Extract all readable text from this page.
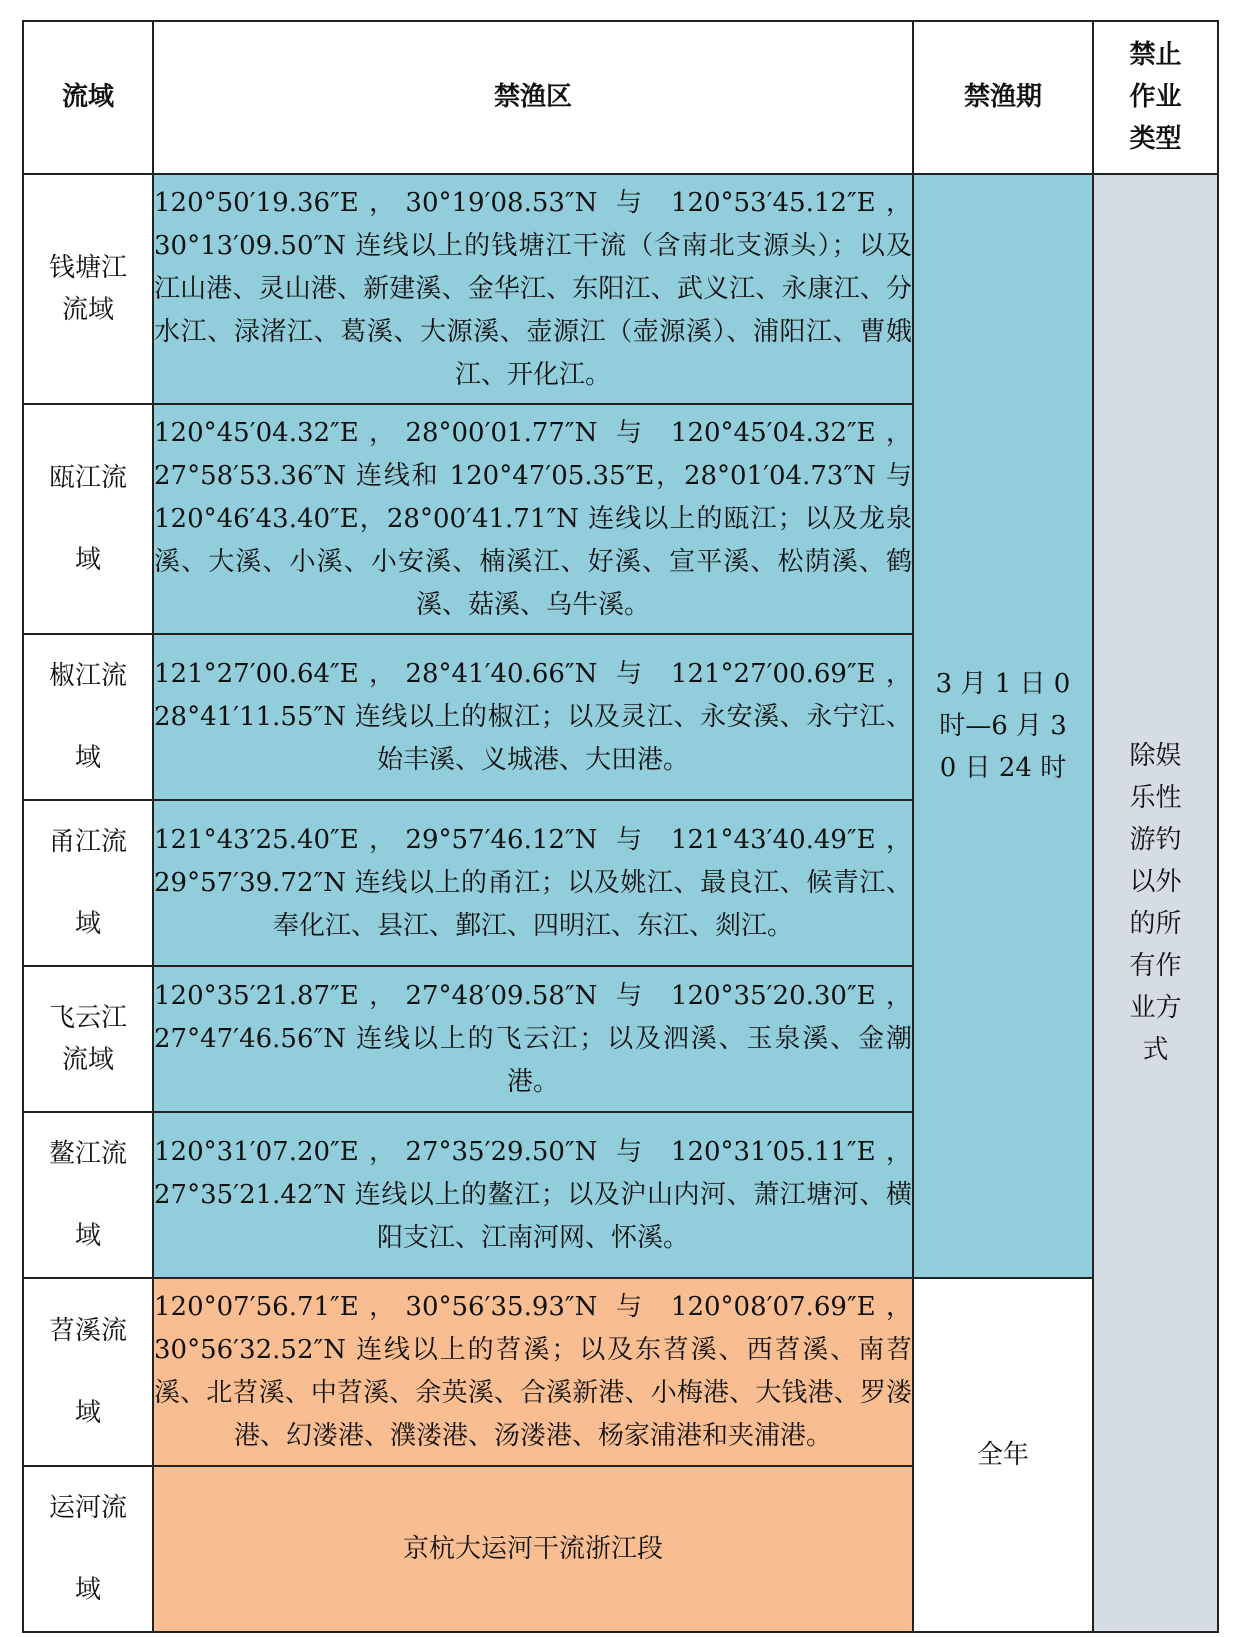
流域	禁渔区	禁渔期	禁止作业类型
钱塘江流域	120°50′19.36″E，30°19′08.53″N 与 120°53′45.12″E，30°13′09.50″N 连线以上的钱塘江干流（含南北支源头）；以及江山港、灵山港、新建溪、金华江、东阳江、武义江、永康江、分水江、渌渚江、葛溪、大源溪、壶源江（壶源溪）、浦阳江、曹娥江、开化江。	3 月 1 日 0 时—6 月 30 日 24 时	除娱乐性游钓以外的所有作业方式
瓯江流域	120°45′04.32″E，28°00′01.77″N 与 120°45′04.32″E，27°58′53.36″N 连线和 120°47′05.35″E，28°01′04.73″N 与 120°46′43.40″E，28°00′41.71″N 连线以上的瓯江；以及龙泉溪、大溪、小溪、小安溪、楠溪江、好溪、宣平溪、松荫溪、鹤溪、菇溪、乌牛溪。		

椒江流域	121°27′00.64″E，28°41′40.66″N 与 121°27′00.69″E，28°41′11.55″N 连线以上的椒江；以及灵江、永安溪、永宁江、始丰溪、义城港、大田港。		

甬江流域	121°43′25.40″E，29°57′46.12″N 与 121°43′40.49″E，29°57′39.72″N 连线以上的甬江；以及姚江、最良江、候青江、奉化江、县江、鄞江、四明江、东江、剡江。		

飞云江流域	120°35′21.87″E，27°48′09.58″N 与 120°35′20.30″E，27°47′46.56″N 连线以上的飞云江；以及泗溪、玉泉溪、金潮港。		

鳌江流域	120°31′07.20″E，27°35′29.50″N 与 120°31′05.11″E，27°35′21.42″N 连线以上的鳌江；以及沪山内河、萧江塘河、横阳支江、江南河网、怀溪。		

苕溪流域	120°07′56.71″E，30°56′35.93″N 与 120°08′07.69″E，30°56′32.52″N 连线以上的苕溪；以及东苕溪、西苕溪、南苕溪、北苕溪、中苕溪、余英溪、合溪新港、小梅港、大钱港、罗溇港、幻溇港、濮溇港、汤溇港、杨家浦港和夹浦港。	全年	
运河流域	京杭大运河干流浙江段		
